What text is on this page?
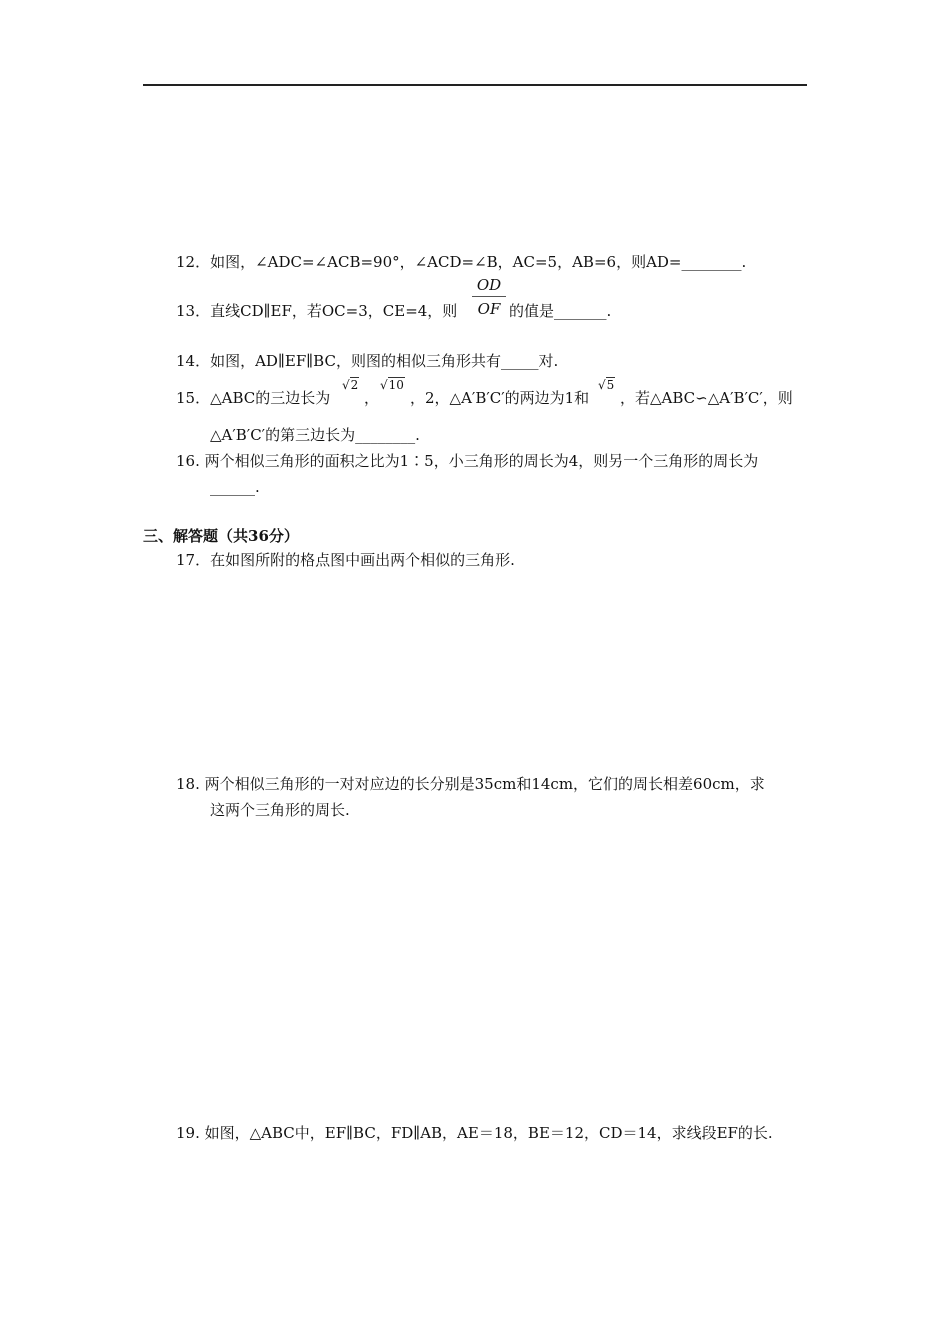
12．如图，∠ADC=∠ACB=90°，∠ACD=∠B，AC=5，AB=6，则AD=________.
13．直线CD∥EF，若OC=3，CE=4，则
OD
OF 的值是_______.
14．如图，AD∥EF∥BC，则图的相似三角形共有_____对.
15．△ABC的三边长为
√2
，
√10
，2，△A′B′C′的两边为1和
√5
，若△ABC∽△A′B′C′，则
△A′B′C′的第三边长为________.
16. 两个相似三角形的面积之比为1∶5，小三角形的周长为4，则另一个三角形的周长为
______.
三、解答题（共36分）
17．在如图所附的格点图中画出两个相似的三角形.
18. 两个相似三角形的一对对应边的长分别是35cm和14cm，它们的周长相差60cm，求
这两个三角形的周长.
19. 如图，△ABC中，EF∥BC，FD∥AB，AE＝18，BE＝12，CD＝14，求线段EF的长.
